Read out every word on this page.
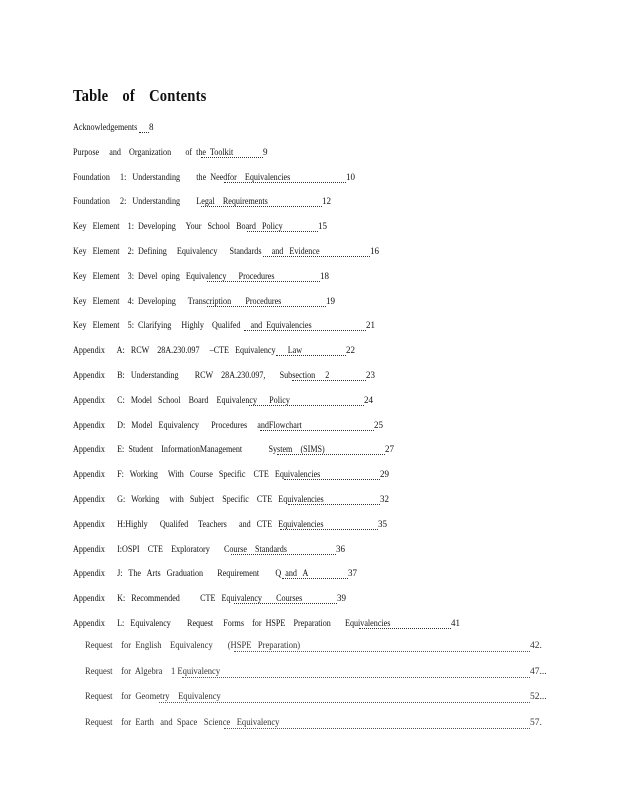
Table of Contents
Acknowledgements 8
Purpose     and    Organization       of  the  Toolkit	9
Foundation     1:   Understanding        the  Needfor    Equivalencies	10
Foundation     2:   Understanding        Legal    Requirements	12
Key   Element    1:  Developing     Your   School   Board   Policy	15
Key   Element    2:  Defining     Equivalency      Standards     and   Evidence	16
Key   Element    3:  Devel  oping   Equivalency      Procedures	18
Key   Element    4:  Developing      Transcription       Procedures	19
Key   Element    5:  Clarifying     Highly    Qualifed     and  Equivalencies	21
Appendix      A:   RCW    28A.230.097     –CTE   Equivalency      Law	22
Appendix      B:   Understanding        RCW    28A.230.097,       Subsection     2	23
Appendix      C:   Model   School    Board    Equivalency      Policy	24
Appendix      D:   Model   Equivalency      Procedures     andFlowchart	25
Appendix      E:  Student    InformationManagement             System    (SIMS)	27
Appendix      F:   Working     With   Course   Specific    CTE   Equivalencies	29
Appendix      G:   Working     with   Subject    Specific    CTE   Equivalencies	32
Appendix      H:Highly      Qualifed     Teachers      and   CTE   Equivalencies	35
Appendix      I:OSPI    CTE    Exploratory       Course    Standards	36
Appendix      J:   The   Arts   Graduation       Requirement        Q  and   A	37
Appendix      K:   Recommended          CTE   Equivalency       Courses	39
Appendix      L:   Equivalency        Request     Forms    for  HSPE    Preparation       Equivalencies	41
Request    for  English    Equivalency       (HSPE   Preparation)	42.
Request    for  Algebra    1 Equivalency	47...
Request    for  Geometry    Equivalency	52...
Request    for  Earth   and  Space   Science   Equivalency	57.
